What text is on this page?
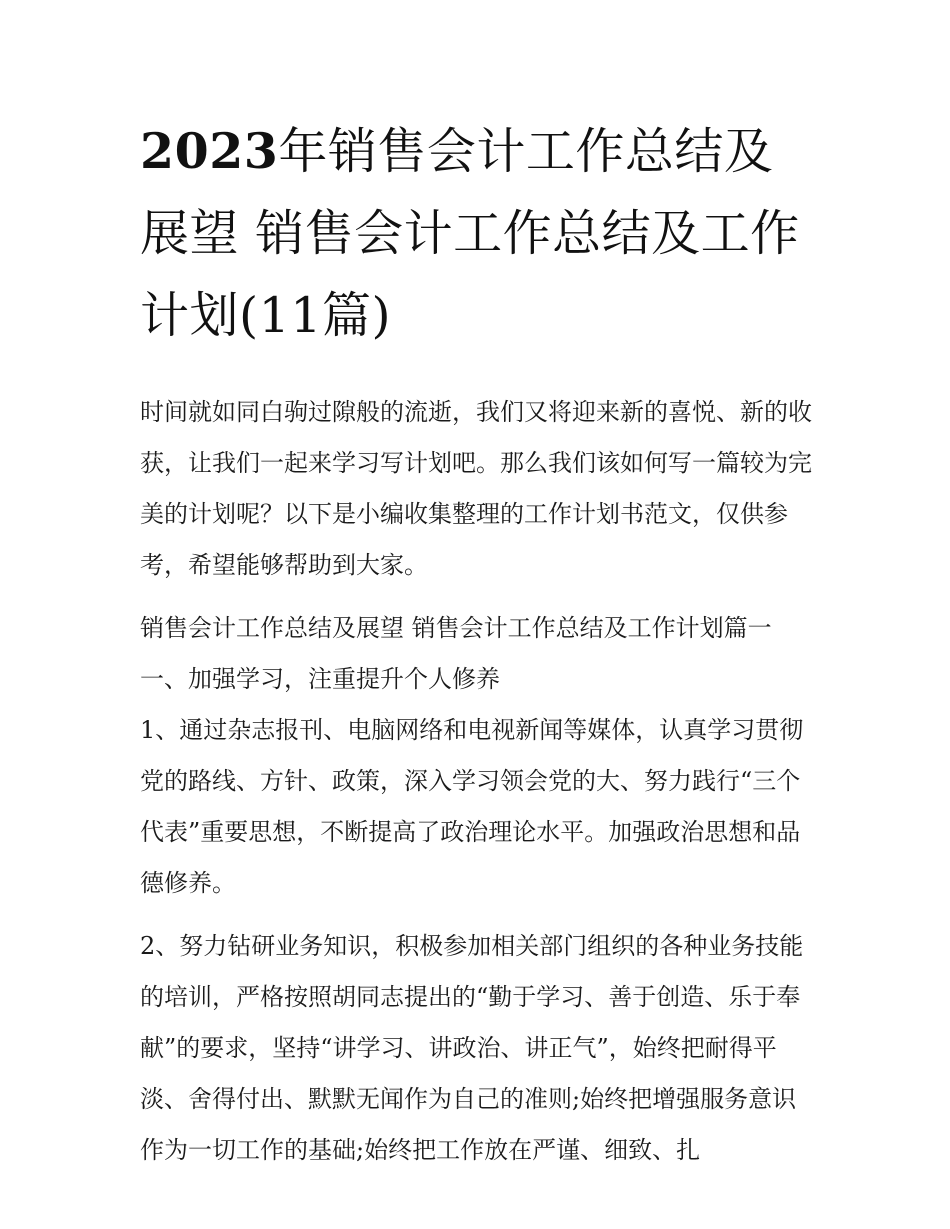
2023年销售会计工作总结及展望 销售会计工作总结及工作计划(11篇)

时间就如同白驹过隙般的流逝，我们又将迎来新的喜悦、新的收获，让我们一起来学习写计划吧。那么我们该如何写一篇较为完美的计划呢？以下是小编收集整理的工作计划书范文，仅供参考，希望能够帮助到大家。

销售会计工作总结及展望 销售会计工作总结及工作计划篇一

一、加强学习，注重提升个人修养

1、通过杂志报刊、电脑网络和电视新闻等媒体，认真学习贯彻党的路线、方针、政策，深入学习领会党的大、努力践行“三个代表”重要思想，不断提高了政治理论水平。加强政治思想和品德修养。

2、努力钻研业务知识，积极参加相关部门组织的各种业务技能的培训，严格按照胡同志提出的“勤于学习、善于创造、乐于奉献”的要求，坚持“讲学习、讲政治、讲正气”，始终把耐得平淡、舍得付出、默默无闻作为自己的准则;始终把增强服务意识作为一切工作的基础;始终把工作放在严谨、细致、扎
